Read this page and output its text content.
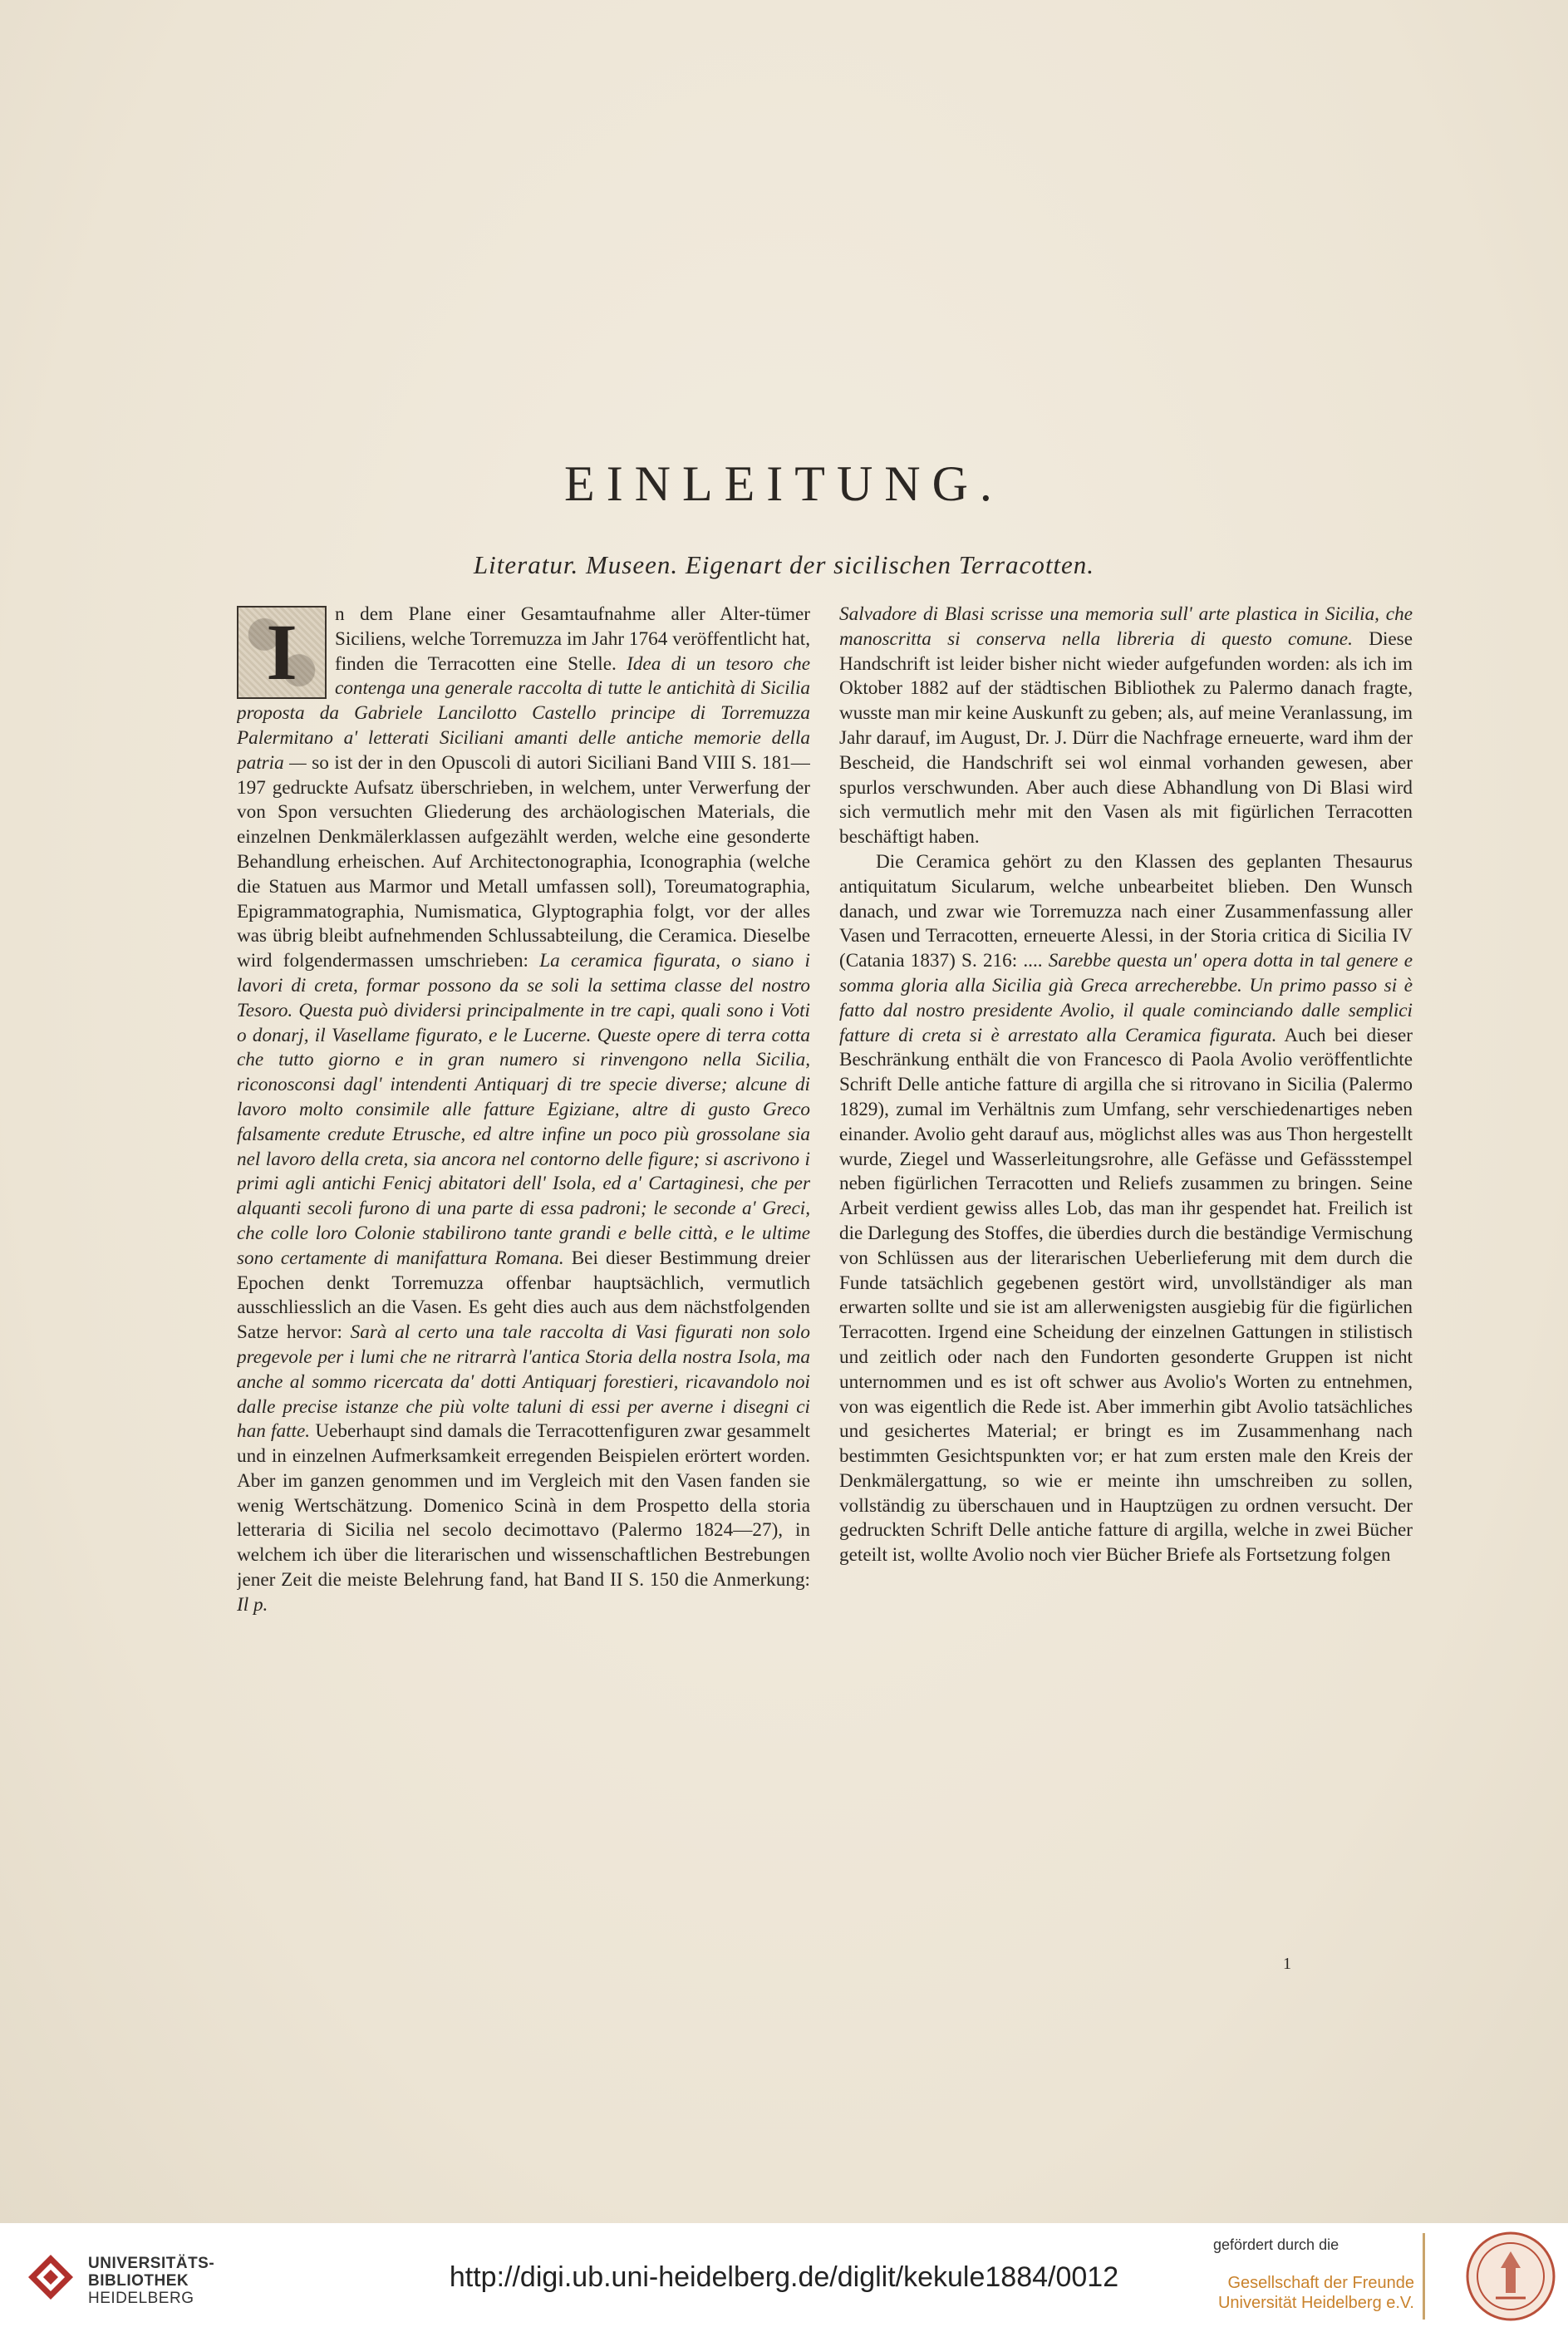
EINLEITUNG.
Literatur. Museen. Eigenart der sicilischen Terracotten.

I	n dem Plane einer Gesamtaufnahme aller Alter-tümer Siciliens, welche Torremuzza im Jahr 1764 veröffentlicht hat, finden die Terracotten eine Stelle. Idea di un tesoro che contenga una generale raccolta di tutte le antichità di Sicilia proposta da Gabriele Lancilotto Castello principe di Torremuzza Palermitano a' letterati Siciliani amanti delle antiche memorie della patria — so ist der in den Opuscoli di autori Siciliani Band VIII S. 181—197 gedruckte Aufsatz überschrieben, in welchem, unter Verwerfung der von Spon versuchten Gliederung des archäologischen Materials, die einzelnen Denkmälerklassen aufgezählt werden, welche eine gesonderte Behandlung erheischen. Auf Architectonographia, Iconographia (welche die Statuen aus Marmor und Metall umfassen soll), Toreumatographia, Epigrammatographia, Numismatica, Glyptographia folgt, vor der alles was übrig bleibt aufnehmenden Schlussabteilung, die Ceramica. Dieselbe wird folgendermassen umschrieben: La ceramica figurata, o siano i lavori di creta, formar possono da se soli la settima classe del nostro Tesoro. Questa può dividersi principalmente in tre capi, quali sono i Voti o donarj, il Vasellame figurato, e le Lucerne. Queste opere di terra cotta che tutto giorno e in gran numero si rinvengono nella Sicilia, riconosconsi dagl' intendenti Antiquarj di tre specie diverse; alcune di lavoro molto consimile alle fatture Egiziane, altre di gusto Greco falsamente credute Etrusche, ed altre infine un poco più grossolane sia nel lavoro della creta, sia ancora nel contorno delle figure; si ascrivono i primi agli antichi Fenicj abitatori dell' Isola, ed a' Cartaginesi, che per alquanti secoli furono di una parte di essa padroni; le seconde a' Greci, che colle loro Colonie stabilirono tante grandi e belle città, e le ultime sono certamente di manifattura Romana. Bei dieser Bestimmung dreier Epochen denkt Torremuzza offenbar hauptsächlich, vermutlich ausschliesslich an die Vasen. Es geht dies auch aus dem nächstfolgenden Satze hervor: Sarà al certo una tale raccolta di Vasi figurati non solo pregevole per i lumi che ne ritrarrà l'antica Storia della nostra Isola, ma anche al sommo ricercata da' dotti Antiquarj forestieri, ricavandolo noi dalle precise istanze che più volte taluni di essi per averne i disegni ci han fatte. Ueberhaupt sind damals die Terracottenfiguren zwar gesammelt und in einzelnen Aufmerksamkeit erregenden Beispielen erörtert worden. Aber im ganzen genommen und im Vergleich mit den Vasen fanden sie wenig Wertschätzung. Domenico Scinà in dem Prospetto della storia letteraria di Sicilia nel secolo decimottavo (Palermo 1824—27), in welchem ich über die literarischen und wissenschaftlichen Bestrebungen jener Zeit die meiste Belehrung fand, hat Band II S. 150 die Anmerkung: Il p.

Salvadore di Blasi scrisse una memoria sull' arte plastica in Sicilia, che manoscritta si conserva nella libreria di questo comune. Diese Handschrift ist leider bisher nicht wieder aufgefunden worden: als ich im Oktober 1882 auf der städtischen Bibliothek zu Palermo danach fragte, wusste man mir keine Auskunft zu geben; als, auf meine Veranlassung, im Jahr darauf, im August, Dr. J. Dürr die Nachfrage erneuerte, ward ihm der Bescheid, die Handschrift sei wol einmal vorhanden gewesen, aber spurlos verschwunden. Aber auch diese Abhandlung von Di Blasi wird sich vermutlich mehr mit den Vasen als mit figürlichen Terracotten beschäftigt haben.

Die Ceramica gehört zu den Klassen des geplanten Thesaurus antiquitatum Sicularum, welche unbearbeitet blieben. Den Wunsch danach, und zwar wie Torremuzza nach einer Zusammenfassung aller Vasen und Terracotten, erneuerte Alessi, in der Storia critica di Sicilia IV (Catania 1837) S. 216: .... Sarebbe questa un' opera dotta in tal genere e somma gloria alla Sicilia già Greca arrecherebbe. Un primo passo si è fatto dal nostro presidente Avolio, il quale cominciando dalle semplici fatture di creta si è arrestato alla Ceramica figurata. Auch bei dieser Beschränkung enthält die von Francesco di Paola Avolio veröffentlichte Schrift Delle antiche fatture di argilla che si ritrovano in Sicilia (Palermo 1829), zumal im Verhältnis zum Umfang, sehr verschiedenartiges neben einander. Avolio geht darauf aus, möglichst alles was aus Thon hergestellt wurde, Ziegel und Wasserleitungsrohre, alle Gefässe und Gefässstempel neben figürlichen Terracotten und Reliefs zusammen zu bringen. Seine Arbeit verdient gewiss alles Lob, das man ihr gespendet hat. Freilich ist die Darlegung des Stoffes, die überdies durch die beständige Vermischung von Schlüssen aus der literarischen Ueberlieferung mit dem durch die Funde tatsächlich gegebenen gestört wird, unvollständiger als man erwarten sollte und sie ist am allerwenigsten ausgiebig für die figürlichen Terracotten. Irgend eine Scheidung der einzelnen Gattungen in stilistisch und zeitlich oder nach den Fundorten gesonderte Gruppen ist nicht unternommen und es ist oft schwer aus Avolio's Worten zu entnehmen, von was eigentlich die Rede ist. Aber immerhin gibt Avolio tatsächliches und gesichertes Material; er bringt es im Zusammenhang nach bestimmten Gesichtspunkten vor; er hat zum ersten male den Kreis der Denkmälergattung, so wie er meinte ihn umschreiben zu sollen, vollständig zu überschauen und in Hauptzügen zu ordnen versucht. Der gedruckten Schrift Delle antiche fatture di argilla, welche in zwei Bücher geteilt ist, wollte Avolio noch vier Bücher Briefe als Fortsetzung folgen

1
UNIVERSITÄTS-
BIBLIOTHEK
HEIDELBERG
http://digi.ub.uni-heidelberg.de/diglit/kekule1884/0012
gefördert durch die
Gesellschaft der Freunde
Universität Heidelberg e.V.
